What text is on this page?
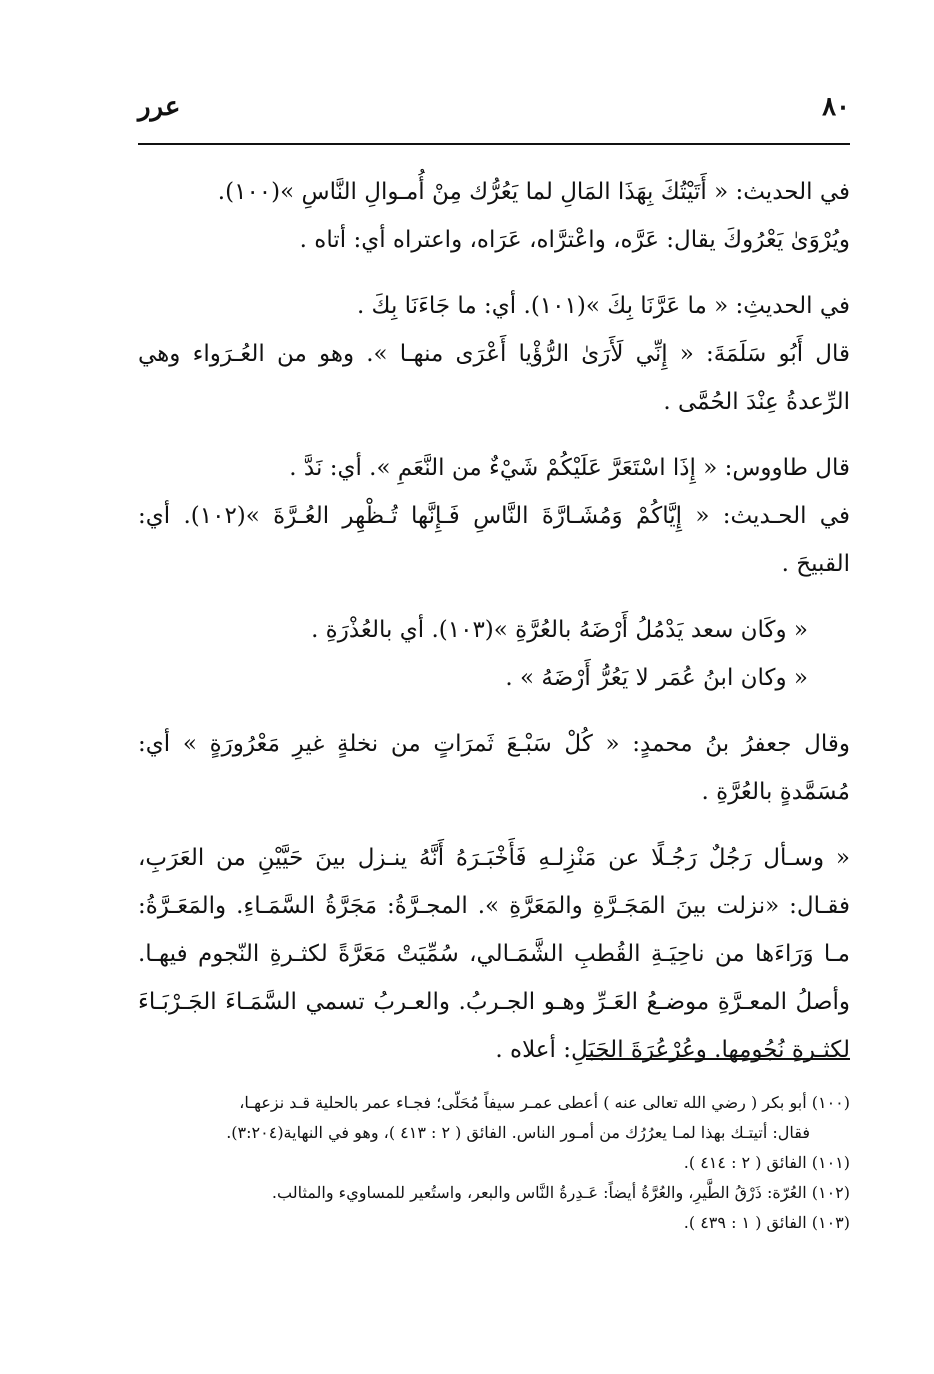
٨٠
عرر

في الحديث: « أَتَيْتُكَ بِهَذَا المَالِ لما يَعُرُّك مِنْ أُمـوالِ النَّاسِ »(١٠٠).

ويُرْوَىٰ يَعْرُوكَ يقال: عَرَّه، واعْترَّاه، عَرَاه، واعتراه أي: أتاه .

في الحديثِ: « ما عَرَّنَا بِكَ »(١٠١). أي: ما جَاءَنَا بِكَ .

قال أَبُو سَلَمَةَ: « إِنِّي لَأَرَىٰ الرُّؤْيا أَعْرَى منهـا ». وهو من العُـرَواء وهي الرِّعدةُ عِنْدَ الحُمَّى .

قال طاووس: « إِذَا اسْتَعَرَّ عَلَيْكُمْ شَيْءٌ من النَّعَمِ ». أي: نَدَّ .

في الحـديث: « إِيَّاكُمْ وَمُشَـارَّةَ النَّاسِ فَـإِنَّها تُـظْهِر العُـرَّةَ »(١٠٢). أي: القبيحَ .

« وكَان سعد يَدْمُلُ أَرْضَهُ بالعُرَّةِ »(١٠٣). أي بالعُذْرَةِ .

« وكان ابنُ عُمَر لا يَعُرُّ أَرْضَهُ » .

وقال جعفرُ بنُ محمدٍ: « كُلْ سَبْـعَ ثَمرَاتٍ من نخلةٍ غيرِ مَعْرُورَةٍ » أي: مُسَمَّدةٍ بالعُرَّةِ .

« وسـأل رَجُلٌ رَجُـلًا عن مَنْزِلـهِ فَأَخْبَـرَهُ أَنَّهُ ينـزل بينَ حَيَّيْنِ من العَرَبِ، فقـال: «نزلت بينَ المَجَـرَّةِ والمَعَرَّةِ ». المجـرَّةُ: مَجَرَّةُ السَّمَـاءِ. والمَعَـرَّةُ: مـا وَرَاءَها من ناحِيَـةِ القُطبِ الشَّمَـالي، سُمِّيَتْ مَعَرَّةً لكثـرةِ النّجوم فيهـا. وأصلُ المعـرَّةِ موضـعُ العَـرِّ وهـو الجـربُ. والعـربُ تسمي السَّمَـاءَ الجَـرْبَـاءَ لكثـرةِ نُجُومِها. وعُرْعُرَةَ الجَبَلِ: أعلاه .

(١٠٠) أبو بكر ( رضي الله تعالى عنه ) أعطى عمـر سيفاً مُحَلّى؛ فجـاء عمر بالحلية قـد نزعهـا،

فقال: أتيتـك بهذا لمـا يعرُرُك من أمـور الناس. الفائق ( ٢ : ٤١٣ )، وهو في النهاية(٣:٢٠٤).

(١٠١) الفائق ( ٢ : ٤١٤ ).

(١٠٢) العُرّة: ذَرْقُ الطَّيرِ، والعُرَّةُ أيضاً: عَـدِرةُ النَّاس والبعر، واستُعير للمساويء والمثالب.

(١٠٣) الفائق ( ١ : ٤٣٩ ).
